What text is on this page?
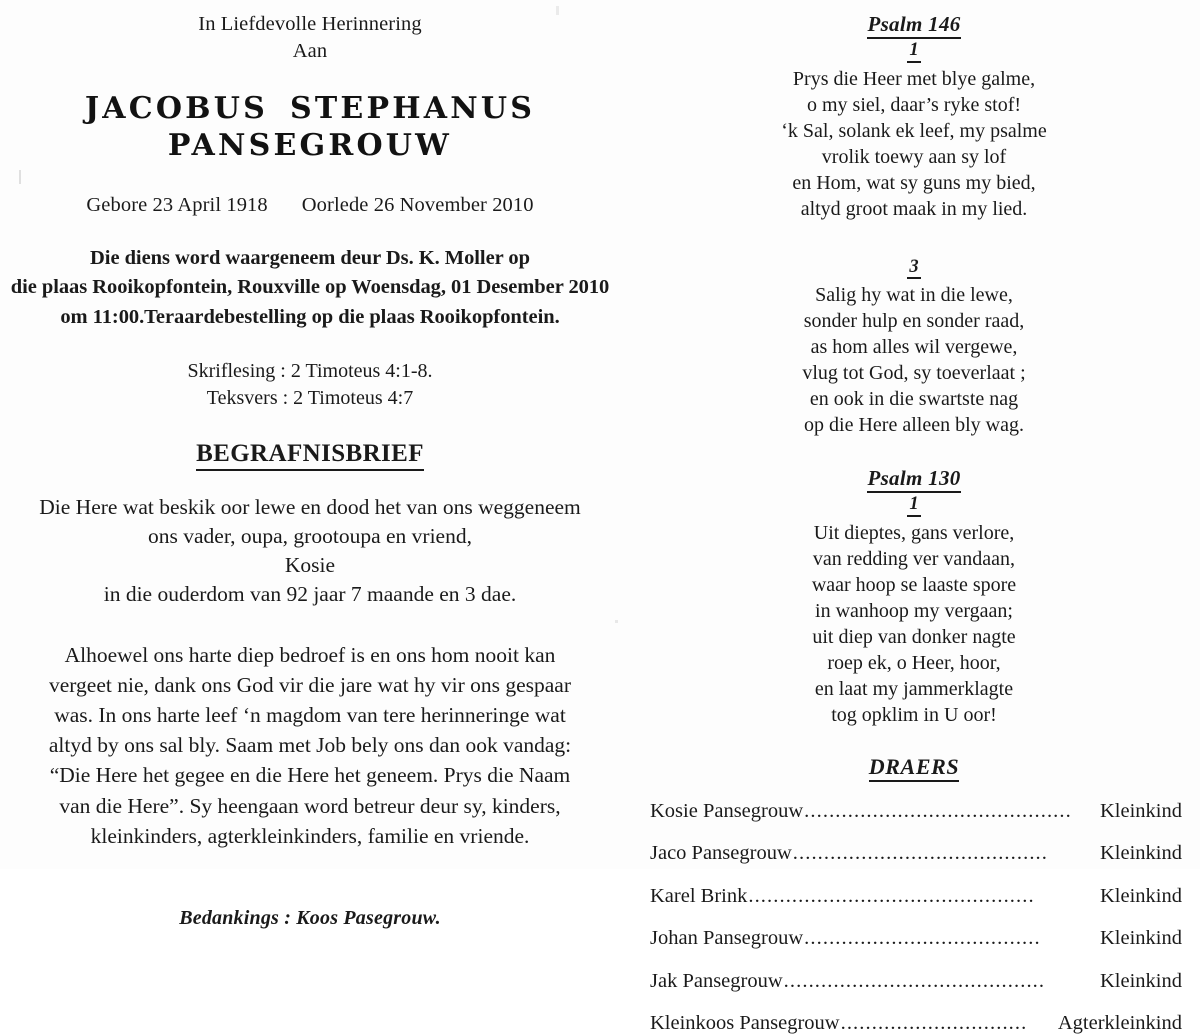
In Liefdevolle Herinnering
Aan
JACOBUS STEPHANUS
PANSEGROUW
Gebore 23 April 1918 Oorlede 26 November 2010
Die diens word waargeneem deur Ds. K. Moller op
die plaas Rooikopfontein, Rouxville op Woensdag, 01 Desember 2010
om 11:00.Teraardebestelling op die plaas Rooikopfontein.
Skriflesing : 2 Timoteus 4:1-8.
Teksvers : 2 Timoteus 4:7
BEGRAFNISBRIEF
Die Here wat beskik oor lewe en dood het van ons weggeneem
ons vader, oupa, grootoupa en vriend,
Kosie
in die ouderdom van 92 jaar 7 maande en 3 dae.
Alhoewel ons harte diep bedroef is en ons hom nooit kan
vergeet nie, dank ons God vir die jare wat hy vir ons gespaar
was. In ons harte leef ‘n magdom van tere herinneringe wat
altyd by ons sal bly. Saam met Job bely ons dan ook vandag:
“Die Here het gegee en die Here het geneem. Prys die Naam
van die Here”. Sy heengaan word betreur deur sy, kinders,
kleinkinders, agterkleinkinders, familie en vriende.
Bedankings : Koos Pasegrouw.
Psalm 146
1
Prys die Heer met blye galme,
o my siel, daar’s ryke stof!
‘k Sal, solank ek leef, my psalme
vrolik toewy aan sy lof
en Hom, wat sy guns my bied,
altyd groot maak in my lied.
3
Salig hy wat in die lewe,
sonder hulp en sonder raad,
as hom alles wil vergewe,
vlug tot God, sy toeverlaat ;
en ook in die swartste nag
op die Here alleen bly wag.
Psalm 130
1
Uit dieptes, gans verlore,
van redding ver vandaan,
waar hoop se laaste spore
in wanhoop my vergaan;
uit diep van donker nagte
roep ek, o Heer, hoor,
en laat my jammerklagte
tog opklim in U oor!
DRAERS
Kosie Pansegrouw ...........................................	Kleinkind
Jaco Pansegrouw .........................................	Kleinkind
Karel Brink ..............................................	Kleinkind
Johan Pansegrouw ......................................	Kleinkind
Jak Pansegrouw ..........................................	Kleinkind
Kleinkoos Pansegrouw ..............................	Agterkleinkind
